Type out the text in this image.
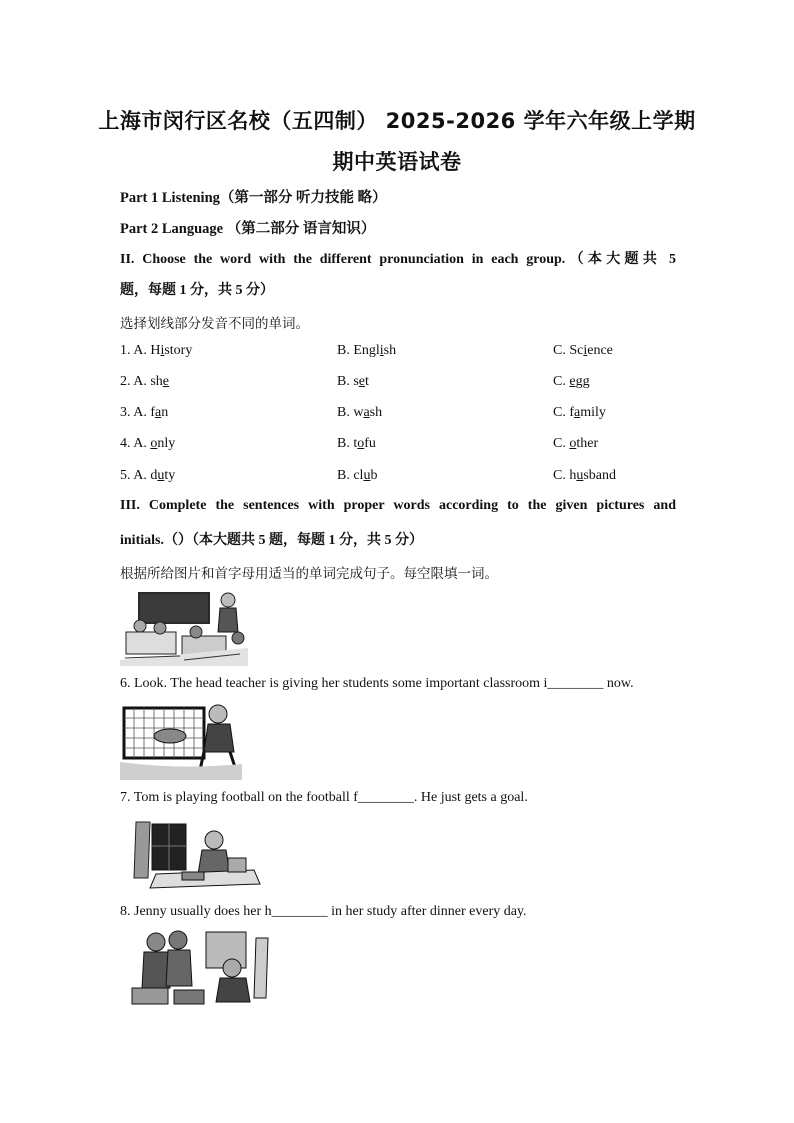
上海市闵行区名校（五四制） 2025-2026 学年六年级上学期
期中英语试卷
Part 1 Listening（第一部分 听力技能 略）
Part 2 Language （第二部分 语言知识）
II. Choose the word with the different pronunciation in each group.（本大题共 5
题，每题 1 分，共 5 分）
选择划线部分发音不同的单词。
1. A. History	B. English	C. Science
2. A. she	B. set	C. egg
3. A. fan	B. wash	C. family
4. A. only	B. tofu	C. other
5. A. duty	B. club	C. husband
III. Complete the sentences with proper words according to the given pictures and
initials.（）（本大题共 5 题，每题 1 分，共 5 分）
根据所给图片和首字母用适当的单词完成句子。每空限填一词。
6. Look. The head teacher is giving her students some important classroom i________ now.
7. Tom is playing football on the football f________. He just gets a goal.
8. Jenny usually does her h________ in her study after dinner every day.
